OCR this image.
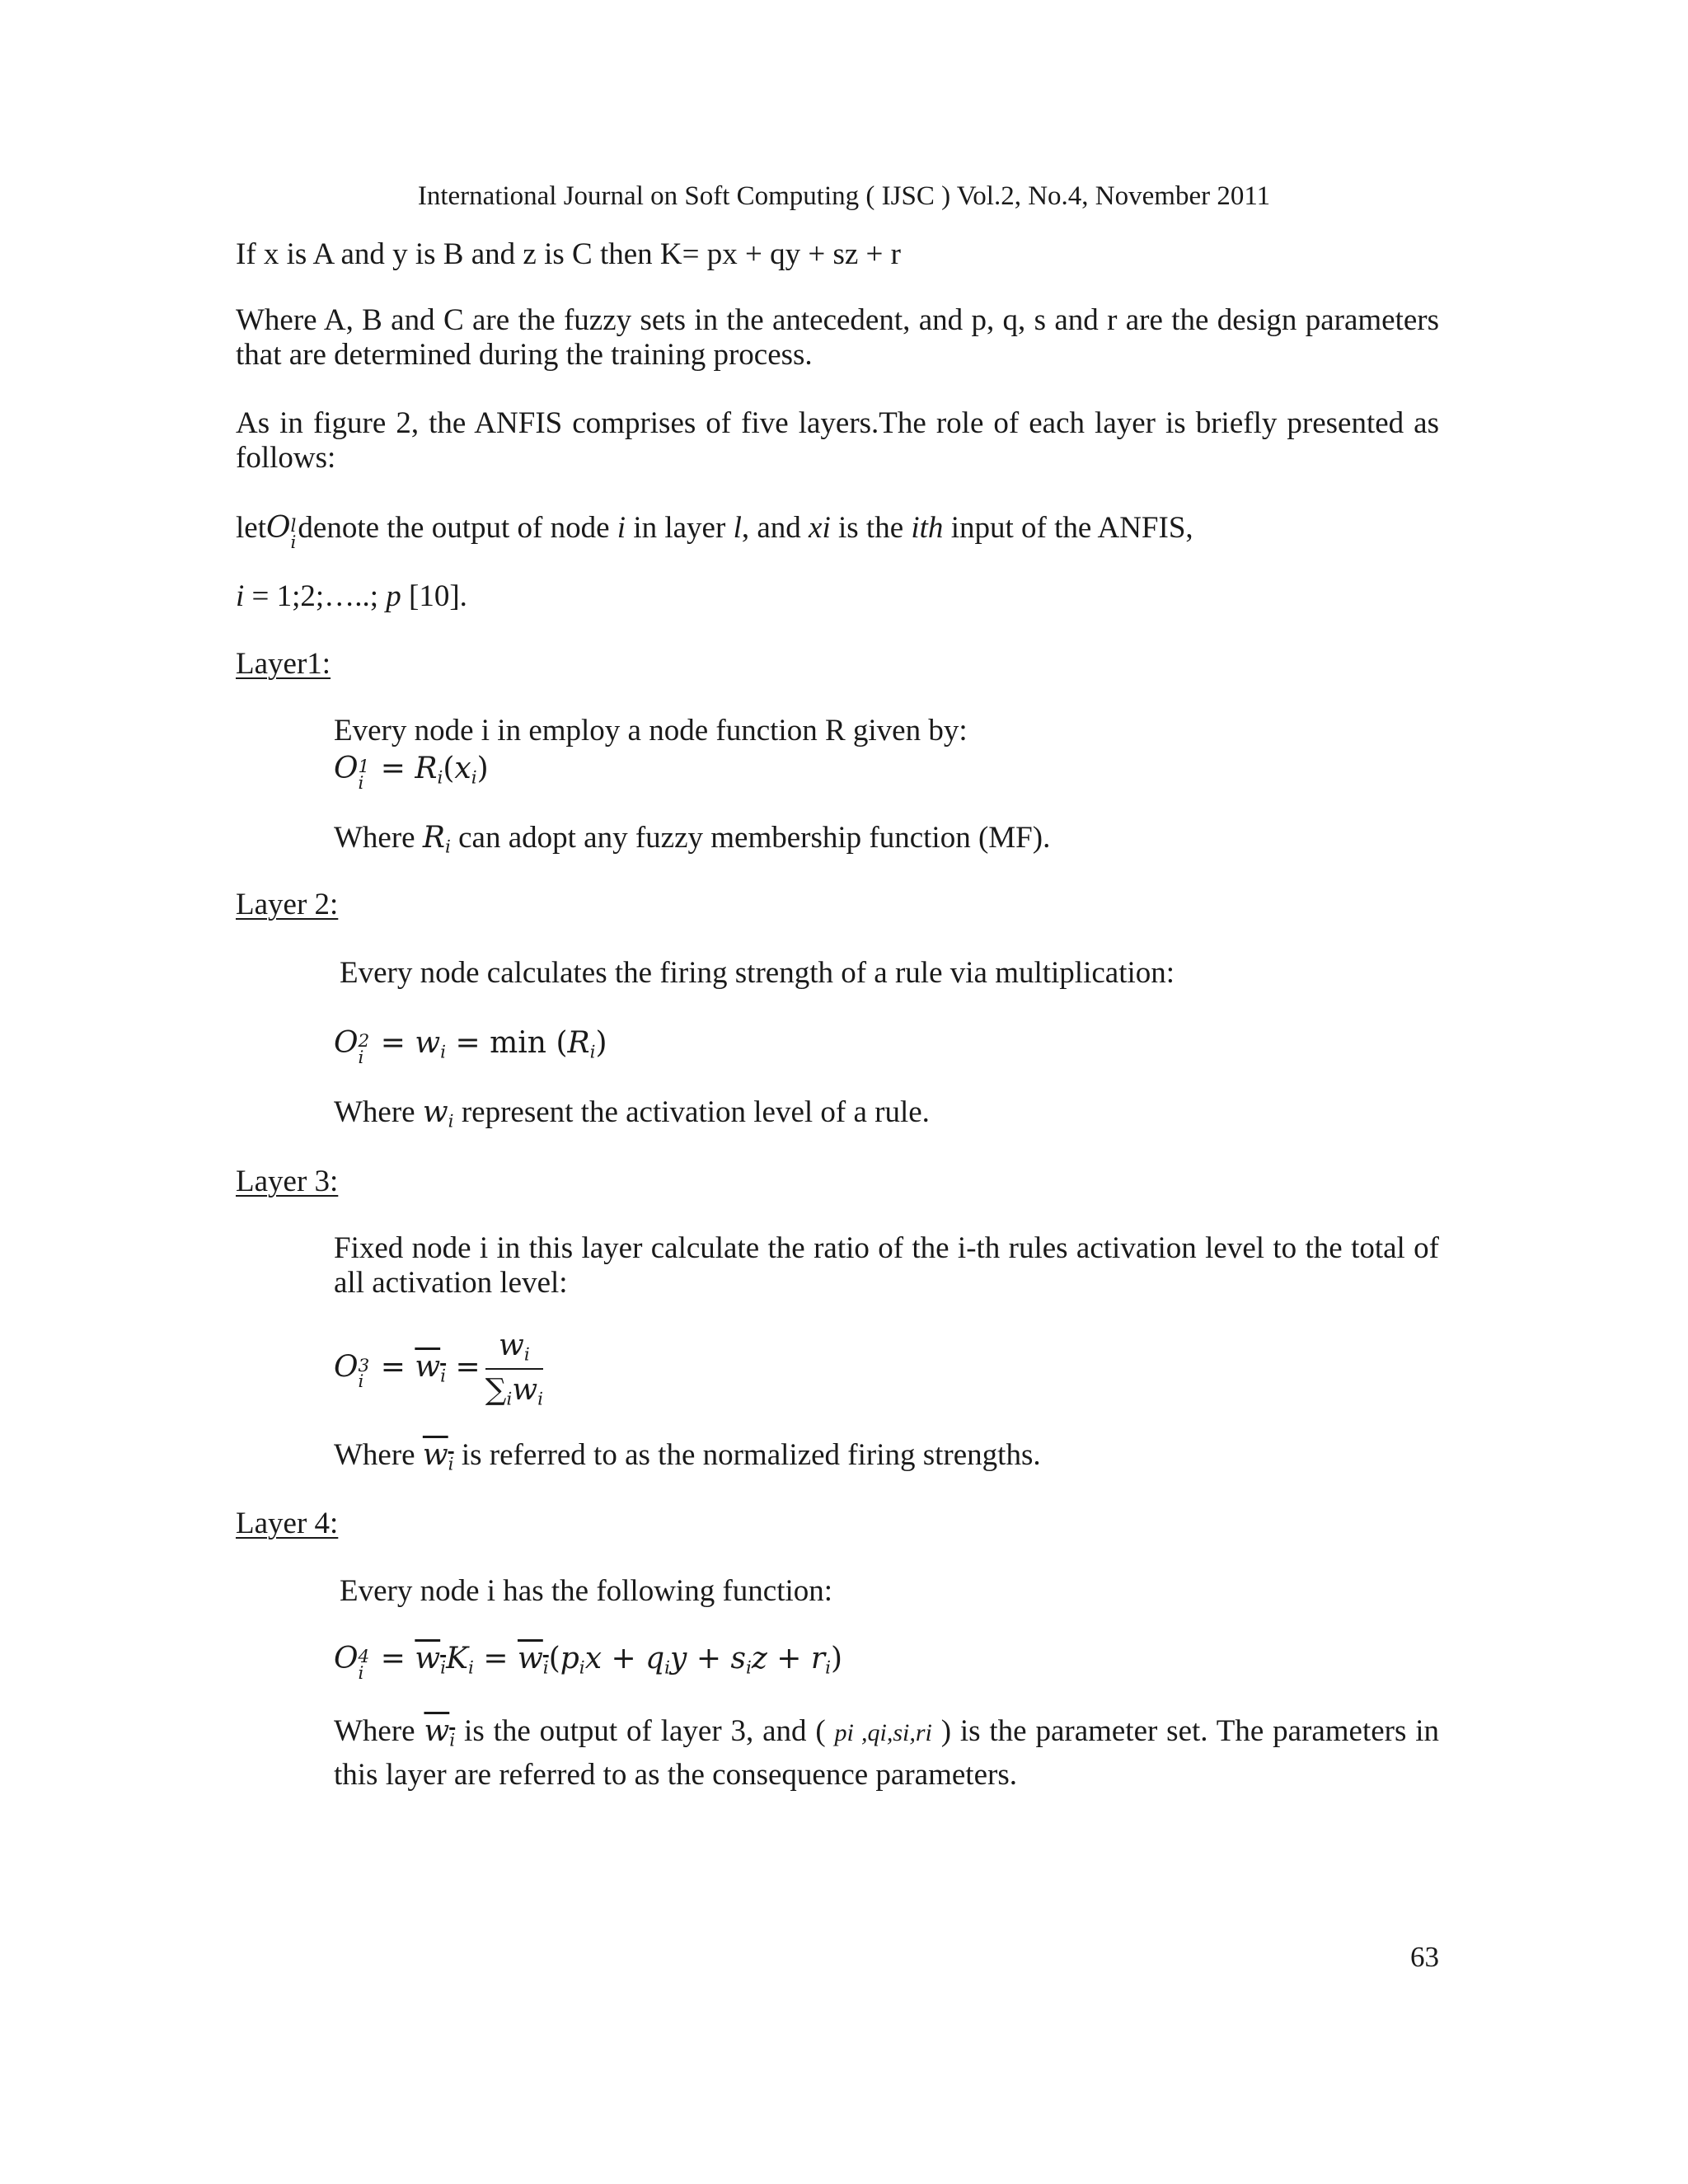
International Journal on Soft Computing ( IJSC ) Vol.2, No.4, November 2011
If x is A and y is B and z is C then K= px + qy + sz + r
Where A, B and C are the fuzzy sets in the antecedent, and p, q, s and r are the design parameters that are determined during the training process.
As in figure 2, the ANFIS comprises of five layers.The role of each layer is briefly presented as follows:
letO l
i denote the output of node i in layer l, and xi is the ith input of the ANFIS,
i = 1;2;…..; p [10].
Layer1:
Every node i in employ a node function R given by:
O 1
$i = R_i(x_i)$
Where $R_i$ can adopt any fuzzy membership function (MF).
Layer 2:
Every node calculates the firing strength of a rule via multiplication:
O 2
$i = w_i = \min (R_i)$
Where $w_i$ represent the activation level of a rule.
Layer 3:
Fixed node i in this layer calculate the ratio of the i-th rules activation level to the total of all activation level:
O 3
$i = w_i = \frac{w_i}{\sum_iw_i}$
Where $w_i$ is referred to as the normalized firing strengths.
Layer 4:
Every node i has the following function:
O 4
$i = w_iK_i = w_i(p_ix + q_iy + s_iz + r_i)$
Where $w_i$ is the output of layer 3, and ( pi ,qi,si,ri ) is the parameter set. The parameters in this layer are referred to as the consequence parameters.
63
